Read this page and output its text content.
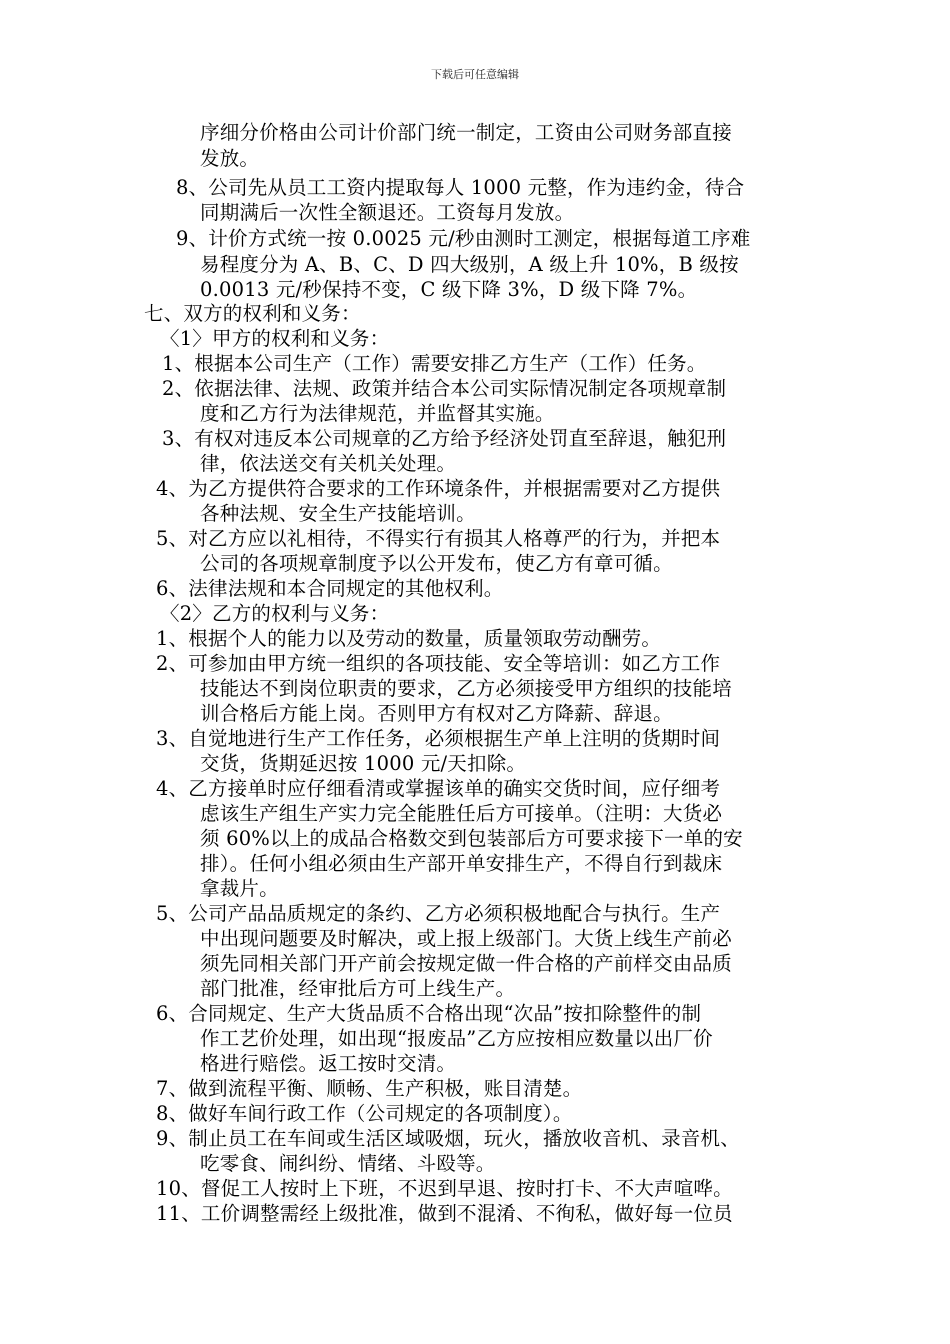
下载后可任意编辑
序细分价格由公司计价部门统一制定，工资由公司财务部直接
发放。
8、公司先从员工工资内提取每人 1000 元整，作为违约金，待合
同期满后一次性全额退还。工资每月发放。
9、计价方式统一按 0.0025 元/秒由测时工测定，根据每道工序难
易程度分为 A、B、C、D 四大级别，A 级上升 10%，B 级按
0.0013 元/秒保持不变，C 级下降 3%，D 级下降 7%。
七、双方的权利和义务：
〈1〉甲方的权利和义务：
1、根据本公司生产（工作）需要安排乙方生产（工作）任务。
2、依据法律、法规、政策并结合本公司实际情况制定各项规章制
度和乙方行为法律规范，并监督其实施。
3、有权对违反本公司规章的乙方给予经济处罚直至辞退，触犯刑
律，依法送交有关机关处理。
4、为乙方提供符合要求的工作环境条件，并根据需要对乙方提供
各种法规、安全生产技能培训。
5、对乙方应以礼相待，不得实行有损其人格尊严的行为，并把本
公司的各项规章制度予以公开发布，使乙方有章可循。
6、法律法规和本合同规定的其他权利。
〈2〉乙方的权利与义务：
1、根据个人的能力以及劳动的数量，质量领取劳动酬劳。
2、可参加由甲方统一组织的各项技能、安全等培训：如乙方工作
技能达不到岗位职责的要求，乙方必须接受甲方组织的技能培
训合格后方能上岗。否则甲方有权对乙方降薪、辞退。
3、自觉地进行生产工作任务，必须根据生产单上注明的货期时间
交货，货期延迟按 1000 元/天扣除。
4、乙方接单时应仔细看清或掌握该单的确实交货时间，应仔细考
虑该生产组生产实力完全能胜任后方可接单。（注明：大货必
须 60%以上的成品合格数交到包装部后方可要求接下一单的安
排）。任何小组必须由生产部开单安排生产，不得自行到裁床
拿裁片。
5、公司产品品质规定的条约、乙方必须积极地配合与执行。生产
中出现问题要及时解决，或上报上级部门。大货上线生产前必
须先同相关部门开产前会按规定做一件合格的产前样交由品质
部门批准，经审批后方可上线生产。
6、合同规定、生产大货品质不合格出现“次品”按扣除整件的制
作工艺价处理，如出现“报废品”乙方应按相应数量以出厂价
格进行赔偿。返工按时交清。
7、做到流程平衡、顺畅、生产积极，账目清楚。
8、做好车间行政工作（公司规定的各项制度）。
9、制止员工在车间或生活区域吸烟，玩火，播放收音机、录音机、
吃零食、闹纠纷、情绪、斗殴等。
10、督促工人按时上下班，不迟到早退、按时打卡、不大声喧哗。
11、工价调整需经上级批准，做到不混淆、不徇私，做好每一位员
